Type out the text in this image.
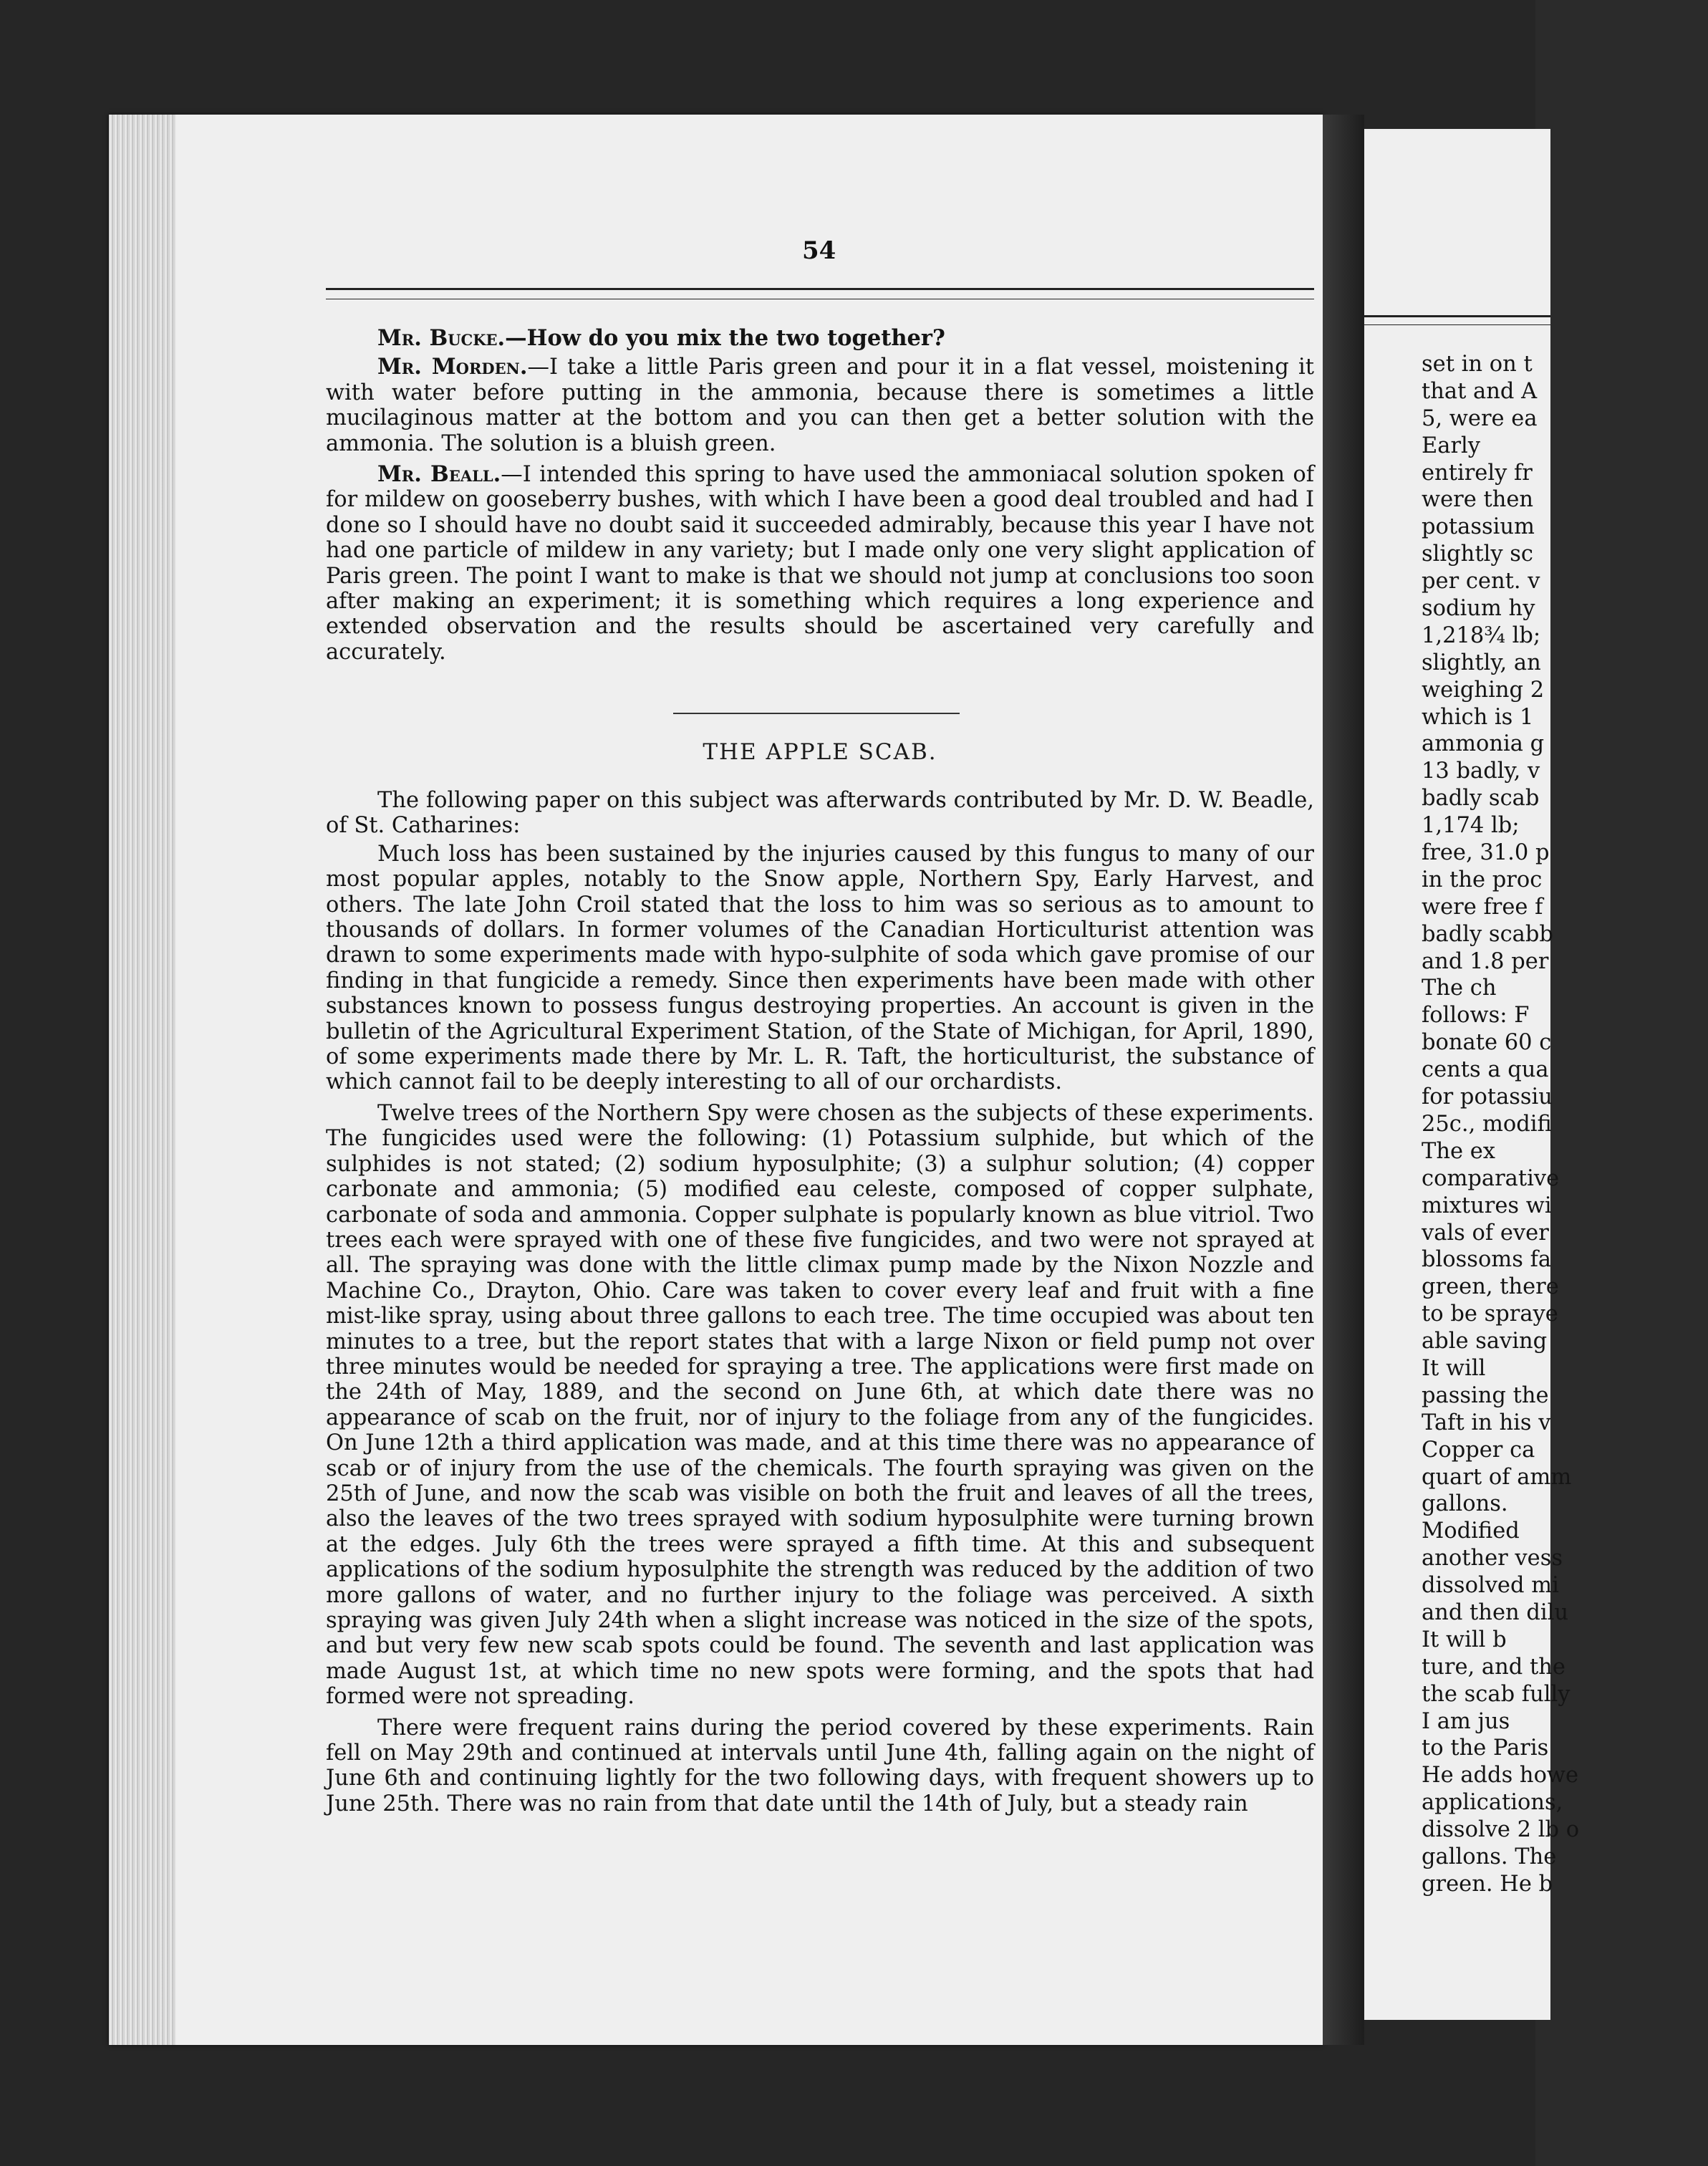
54

Mr. Bucke.—How do you mix the two together?

Mr. Morden.—I take a little Paris green and pour it in a flat vessel, moistening it with water before putting in the ammonia, because there is sometimes a little mucilaginous matter at the bottom and you can then get a better solution with the ammonia. The solution is a bluish green.

Mr. Beall.—I intended this spring to have used the ammoniacal solution spoken of for mildew on gooseberry bushes, with which I have been a good deal troubled and had I done so I should have no doubt said it succeeded admirably, because this year I have not had one particle of mildew in any variety; but I made only one very slight application of Paris green. The point I want to make is that we should not jump at conclusions too soon after making an experiment; it is something which requires a long experience and extended observation and the results should be ascertained very carefully and accurately.

THE APPLE SCAB.

The following paper on this subject was afterwards contributed by Mr. D. W. Beadle, of St. Catharines:

Much loss has been sustained by the injuries caused by this fungus to many of our most popular apples, notably to the Snow apple, Northern Spy, Early Harvest, and others. The late John Croil stated that the loss to him was so serious as to amount to thousands of dollars. In former volumes of the Canadian Horticulturist attention was drawn to some experiments made with hypo-sulphite of soda which gave promise of our finding in that fungicide a remedy. Since then experiments have been made with other substances known to possess fungus destroying properties. An account is given in the bulletin of the Agricultural Experiment Station, of the State of Michigan, for April, 1890, of some experiments made there by Mr. L. R. Taft, the horticulturist, the substance of which cannot fail to be deeply interesting to all of our orchardists.

Twelve trees of the Northern Spy were chosen as the subjects of these experiments. The fungicides used were the following: (1) Potassium sulphide, but which of the sulphides is not stated; (2) sodium hyposulphite; (3) a sulphur solution; (4) copper carbonate and ammonia; (5) modified eau celeste, composed of copper sulphate, carbonate of soda and ammonia. Copper sulphate is popularly known as blue vitriol. Two trees each were sprayed with one of these five fungicides, and two were not sprayed at all. The spraying was done with the little climax pump made by the Nixon Nozzle and Machine Co., Drayton, Ohio. Care was taken to cover every leaf and fruit with a fine mist-like spray, using about three gallons to each tree. The time occupied was about ten minutes to a tree, but the report states that with a large Nixon or field pump not over three minutes would be needed for spraying a tree. The applications were first made on the 24th of May, 1889, and the second on June 6th, at which date there was no appearance of scab on the fruit, nor of injury to the foliage from any of the fungicides. On June 12th a third application was made, and at this time there was no appearance of scab or of injury from the use of the chemicals. The fourth spraying was given on the 25th of June, and now the scab was visible on both the fruit and leaves of all the trees, also the leaves of the two trees sprayed with sodium hyposulphite were turning brown at the edges. July 6th the trees were sprayed a fifth time. At this and subsequent applications of the sodium hyposulphite the strength was reduced by the addition of two more gallons of water, and no further injury to the foliage was perceived. A sixth spraying was given July 24th when a slight increase was noticed in the size of the spots, and but very few new scab spots could be found. The seventh and last application was made August 1st, at which time no new spots were forming, and the spots that had formed were not spreading.

There were frequent rains during the period covered by these experiments. Rain fell on May 29th and continued at intervals until June 4th, falling again on the night of June 6th and continuing lightly for the two following days, with frequent showers up to June 25th. There was no rain from that date until the 14th of July, but a steady rain

set in on t
that and A
5, were ea
Early
entirely fr
were then
potassium
slightly sc
per cent. v
sodium hy
1,218¾ lb;
slightly, an
weighing 2
which is 1
ammonia g
13 badly, v
badly scab
1,174 lb;
free, 31.0 p
in the proc
were free f
badly scabb
and 1.8 per
The ch
follows: F
bonate 60 c
cents a qua
for potassiu
25c., modifi
The ex
comparative
mixtures wi
vals of ever
blossoms fa
green, there
to be spraye
able saving
It will
passing the
Taft in his v
Copper ca
quart of amm
gallons.
Modified
another vess
dissolved mi
and then dilu
It will b
ture, and the
the scab fully
I am jus
to the Paris
He adds howe
applications,
dissolve 2 lb o
gallons. The
green. He b
